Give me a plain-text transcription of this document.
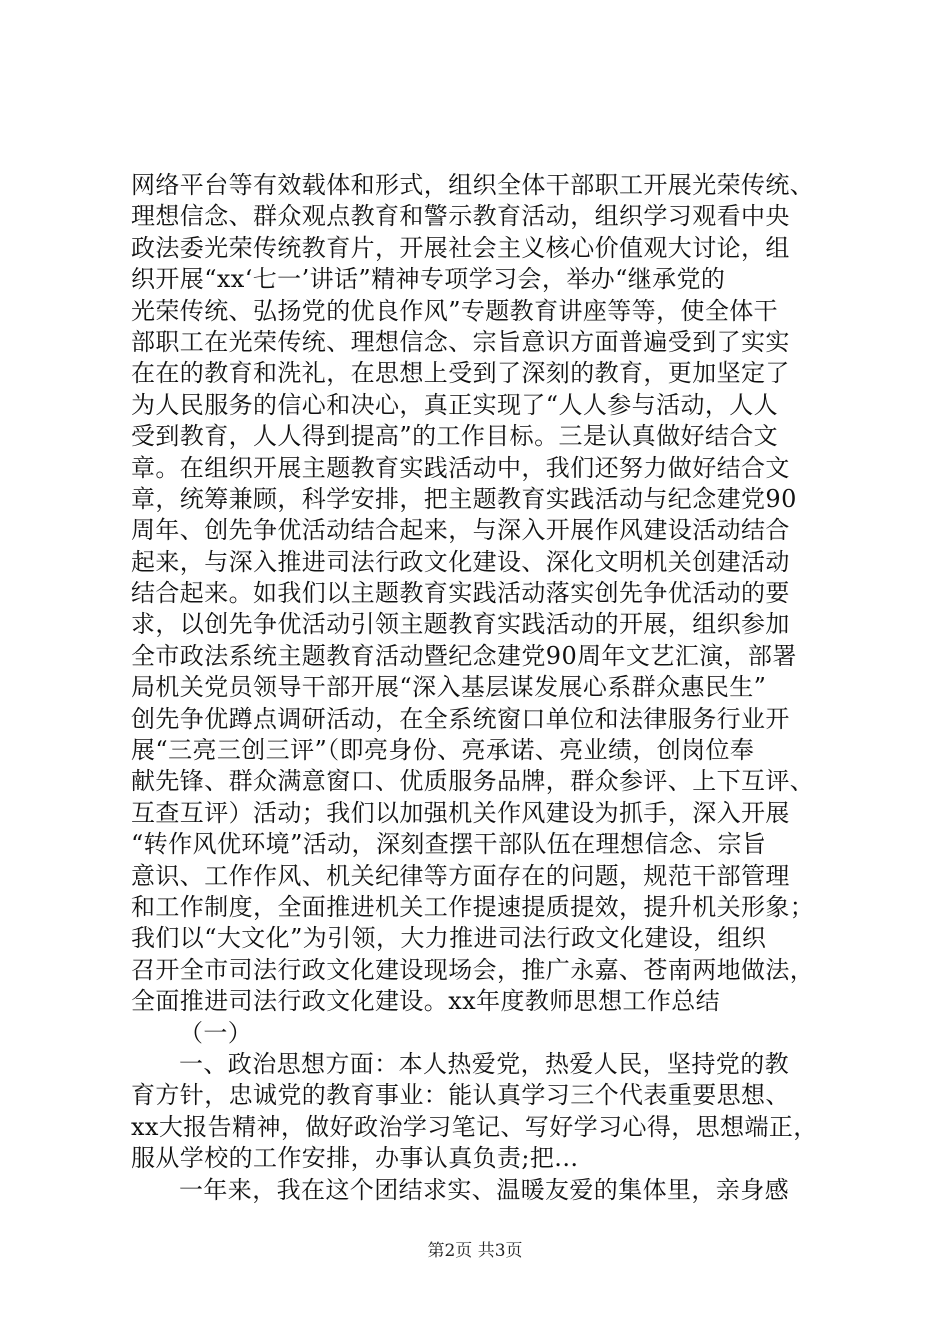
网络平台等有效载体和形式，组织全体干部职工开展光荣传统、
理想信念、群众观点教育和警示教育活动，组织学习观看中央
政法委光荣传统教育片，开展社会主义核心价值观大讨论，组
织开展“xx‘七一’讲话”精神专项学习会，举办“继承党的
光荣传统、弘扬党的优良作风”专题教育讲座等等，使全体干
部职工在光荣传统、理想信念、宗旨意识方面普遍受到了实实
在在的教育和洗礼，在思想上受到了深刻的教育，更加坚定了
为人民服务的信心和决心，真正实现了“人人参与活动，人人
受到教育，人人得到提高”的工作目标。三是认真做好结合文
章。在组织开展主题教育实践活动中，我们还努力做好结合文
章，统筹兼顾，科学安排，把主题教育实践活动与纪念建党90
周年、创先争优活动结合起来，与深入开展作风建设活动结合
起来，与深入推进司法行政文化建设、深化文明机关创建活动
结合起来。如我们以主题教育实践活动落实创先争优活动的要
求，以创先争优活动引领主题教育实践活动的开展，组织参加
全市政法系统主题教育活动暨纪念建党90周年文艺汇演，部署
局机关党员领导干部开展“深入基层谋发展心系群众惠民生”
创先争优蹲点调研活动，在全系统窗口单位和法律服务行业开
展“三亮三创三评”（即亮身份、亮承诺、亮业绩，创岗位奉
献先锋、群众满意窗口、优质服务品牌，群众参评、上下互评、
互查互评）活动；我们以加强机关作风建设为抓手，深入开展
“转作风优环境”活动，深刻查摆干部队伍在理想信念、宗旨
意识、工作作风、机关纪律等方面存在的问题，规范干部管理
和工作制度，全面推进机关工作提速提质提效，提升机关形象；
我们以“大文化”为引领，大力推进司法行政文化建设，组织
召开全市司法行政文化建设现场会，推广永嘉、苍南两地做法，
全面推进司法行政文化建设。xx年度教师思想工作总结
（一）
一、政治思想方面：本人热爱党，热爱人民，坚持党的教
育方针，忠诚党的教育事业：能认真学习三个代表重要思想、
xx大报告精神，做好政治学习笔记、写好学习心得，思想端正，
服从学校的工作安排，办事认真负责;把...
一年来，我在这个团结求实、温暖友爱的集体里，亲身感
第2页 共3页
